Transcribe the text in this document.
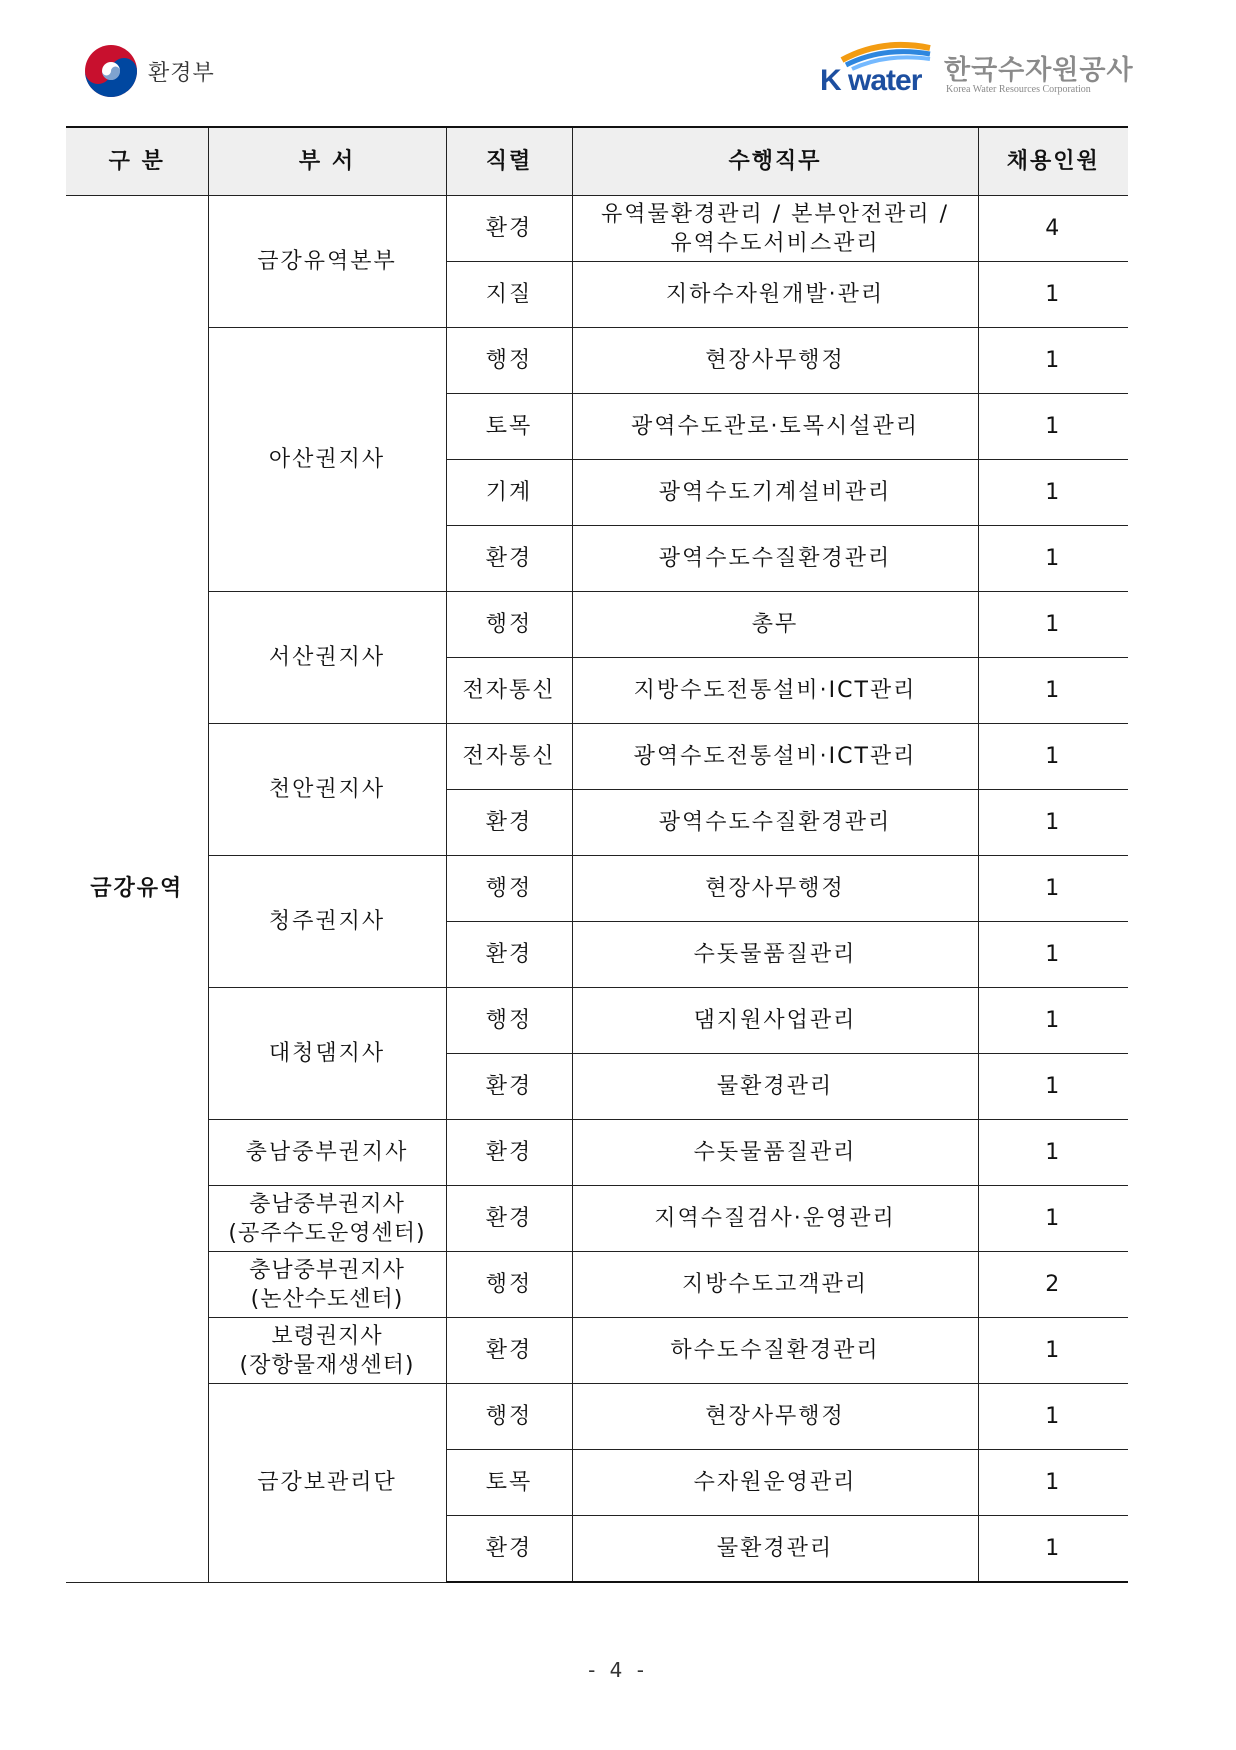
환경부	K water 한국수자원공사
Korea Water Resources Corporation
구 분	부 서	직렬	수행직무	채용인원
금강유역	금강유역본부	환경	유역물환경관리 / 본부안전관리 /
유역수도서비스관리	4
		지질	지하수자원개발·관리	1
	아산권지사	행정	현장사무행정	1
		토목	광역수도관로·토목시설관리	1
		기계	광역수도기계설비관리	1
		환경	광역수도수질환경관리	1
	서산권지사	행정	총무	1
		전자통신	지방수도전통설비·ICT관리	1
	천안권지사	전자통신	광역수도전통설비·ICT관리	1
		환경	광역수도수질환경관리	1
	청주권지사	행정	현장사무행정	1
		환경	수돗물품질관리	1
	대청댐지사	행정	댐지원사업관리	1
		환경	물환경관리	1
	충남중부권지사	환경	수돗물품질관리	1

	충남중부권지사
(공주수도운영센터)	환경	지역수질검사·운영관리	1

	충남중부권지사
(논산수도센터)	행정	지방수도고객관리	2

	보령권지사
(장항물재생센터)	환경	하수도수질환경관리	1
	금강보관리단	행정	현장사무행정	1
		토목	수자원운영관리	1
		환경	물환경관리	1
- 4 -
